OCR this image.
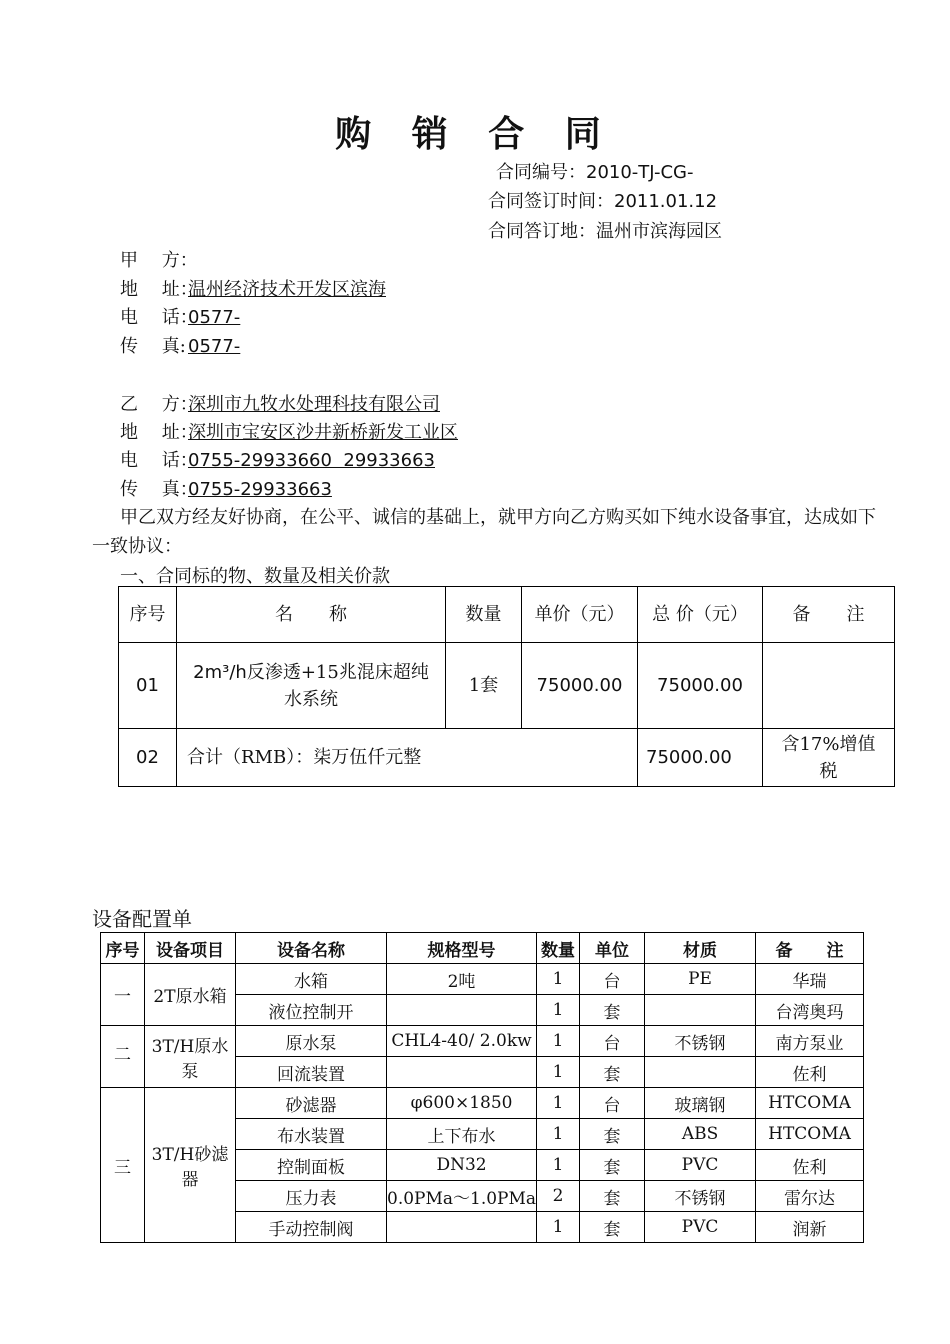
购 销 合 同
合同编号：2010-TJ-CG-
合同签订时间：2011.01.12
合同答订地：温州市滨海园区
甲　 方：
地　 址：温州经济技术开发区滨海
电　 话：0577-
传　 真: 0577-
乙　 方：深圳市九牧水处理科技有限公司
地　 址：深圳市宝安区沙井新桥新发工业区
电　 话：0755-29933660  29933663
传　 真：0755-29933663
甲乙双方经友好协商，在公平、诚信的基础上，就甲方向乙方购买如下纯水设备事宜，达成如下一致协议：
一、合同标的物、数量及相关价款
序号	名　　称	数量	单价（元）	总 价（元）	备　　注
01	2m³/h反渗透+15兆混床超纯水系统	1套	75000.00	75000.00	
02	合计（RMB）：柒万伍仟元整			75000.00	含17%增值税
设备配置单
序号	设备项目	设备名称	规格型号	数量	单位	材质	备　　注
一	2T原水箱	水箱	2吨	1	台	PE	华瑞
		液位控制开		1	套		台湾奥玛
二	3T/H原水泵	原水泵	CHL4-40/ 2.0kw	1	台	不锈钢	南方泵业
		回流装置		1	套		佐利
三	3T/H砂滤器	砂滤器	φ600×1850	1	台	玻璃钢	HTCOMA
		布水装置	上下布水	1	套	ABS	HTCOMA
		控制面板	DN32	1	套	PVC	佐利
		压力表	0.0PMa～1.0PMa	2	套	不锈钢	雷尔达
		手动控制阀		1	套	PVC	润新
